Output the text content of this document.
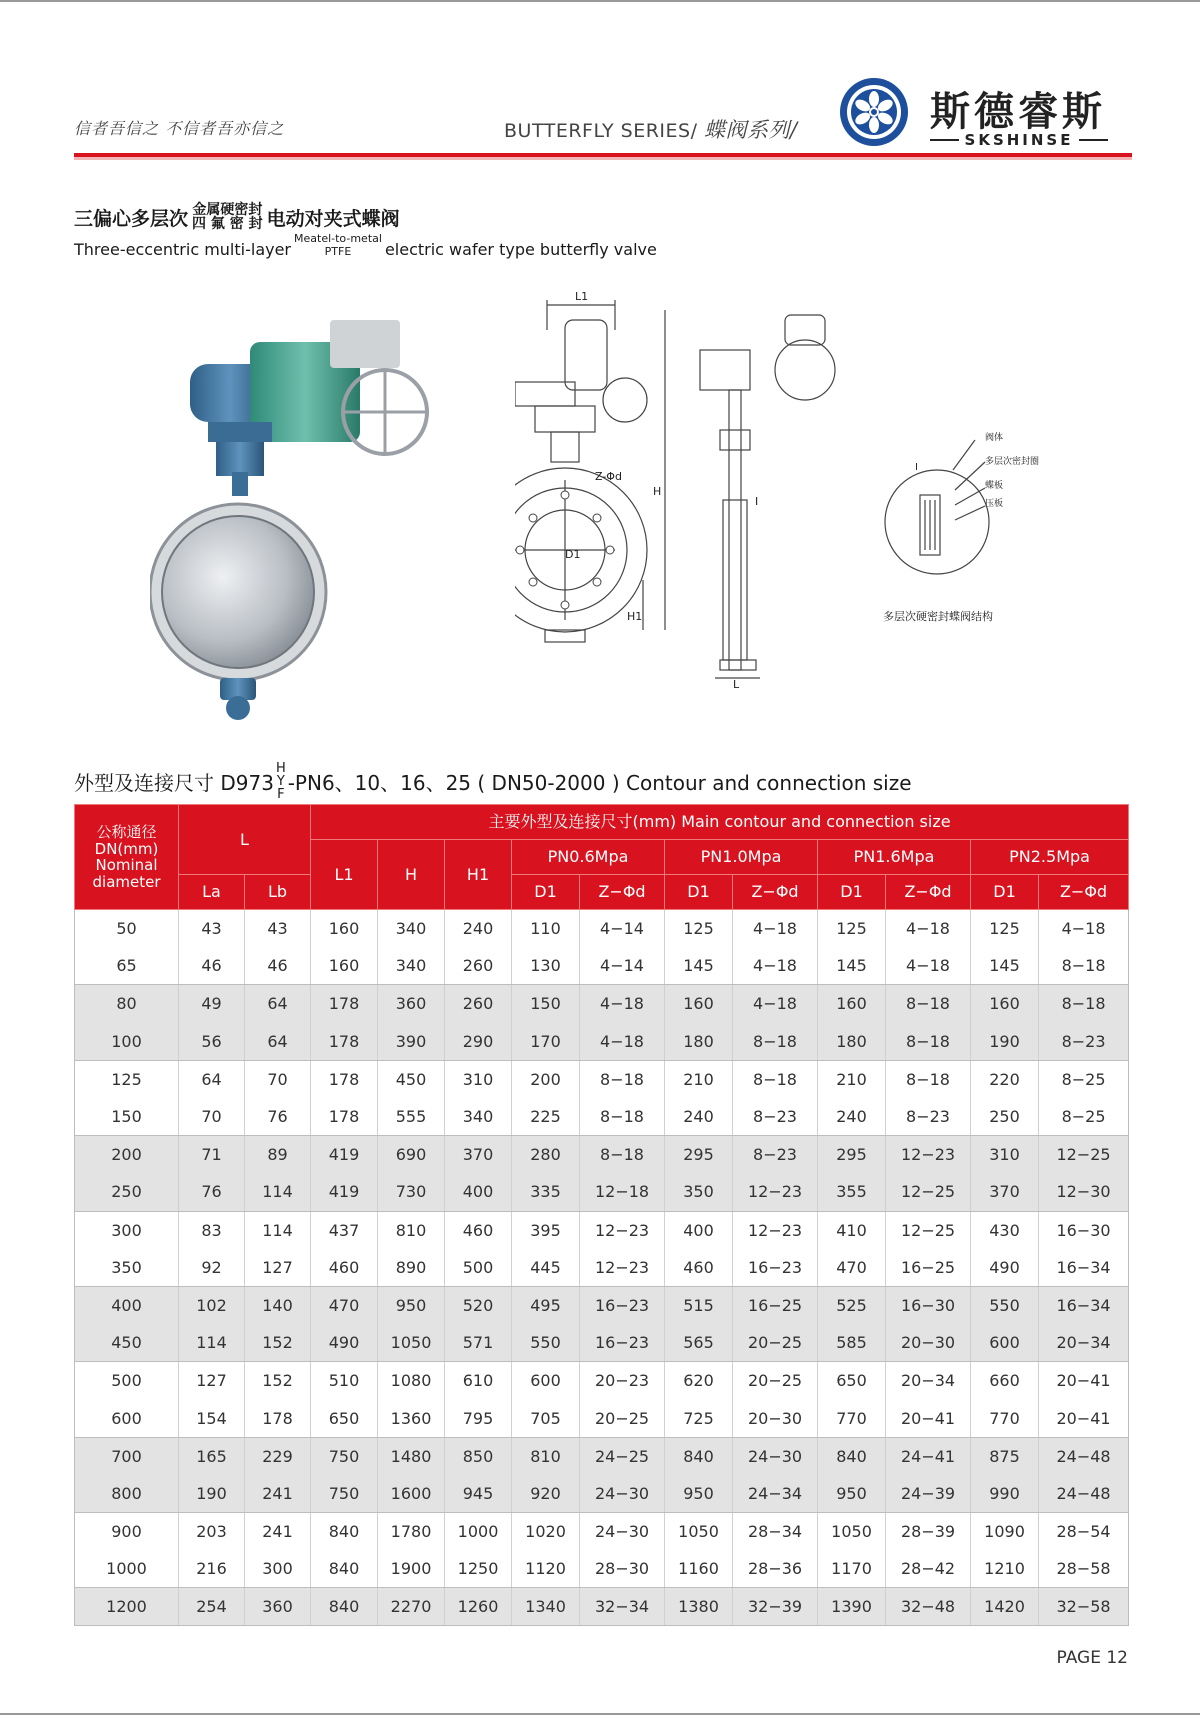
信者吾信之 不信者吾亦信之	BUTTERFLY SERIES/ 蝶阀系列/	斯德睿斯
SKSHINSE
三偏心多层次 金属硬密封
四 氟 密 封 电动对夹式蝶阀
Three-eccentric multi-layer
Meatel-to-metal
PTFE electric wafer type butterfly valve
L1
Z-Φd
D1
H
H1
L
I
I
阀体
多层次密封圈
蝶板
压板
多层次硬密封蝶阀结构
外型及连接尺寸 D973
H
Y
F -PN6、10、16、25 ( DN50-2000 ) Contour and connection size
公称通径
DN(mm)
Nominal
diameter	L		主要外型及连接尺寸(mm) Main contour and connection size										
			L1	H	H1	PN0.6Mpa		PN1.0Mpa		PN1.6Mpa		PN2.5Mpa	
	La	Lb				D1	Z−Φd	D1	Z−Φd	D1	Z−Φd	D1	Z−Φd
50	43	43	160	340	240	110	4−14	125	4−18	125	4−18	125	4−18
65	46	46	160	340	260	130	4−14	145	4−18	145	4−18	145	8−18
80	49	64	178	360	260	150	4−18	160	4−18	160	8−18	160	8−18
100	56	64	178	390	290	170	4−18	180	8−18	180	8−18	190	8−23
125	64	70	178	450	310	200	8−18	210	8−18	210	8−18	220	8−25
150	70	76	178	555	340	225	8−18	240	8−23	240	8−23	250	8−25
200	71	89	419	690	370	280	8−18	295	8−23	295	12−23	310	12−25
250	76	114	419	730	400	335	12−18	350	12−23	355	12−25	370	12−30
300	83	114	437	810	460	395	12−23	400	12−23	410	12−25	430	16−30
350	92	127	460	890	500	445	12−23	460	16−23	470	16−25	490	16−34
400	102	140	470	950	520	495	16−23	515	16−25	525	16−30	550	16−34
450	114	152	490	1050	571	550	16−23	565	20−25	585	20−30	600	20−34
500	127	152	510	1080	610	600	20−23	620	20−25	650	20−34	660	20−41
600	154	178	650	1360	795	705	20−25	725	20−30	770	20−41	770	20−41
700	165	229	750	1480	850	810	24−25	840	24−30	840	24−41	875	24−48
800	190	241	750	1600	945	920	24−30	950	24−34	950	24−39	990	24−48
900	203	241	840	1780	1000	1020	24−30	1050	28−34	1050	28−39	1090	28−54
1000	216	300	840	1900	1250	1120	28−30	1160	28−36	1170	28−42	1210	28−58
1200	254	360	840	2270	1260	1340	32−34	1380	32−39	1390	32−48	1420	32−58
PAGE 12
